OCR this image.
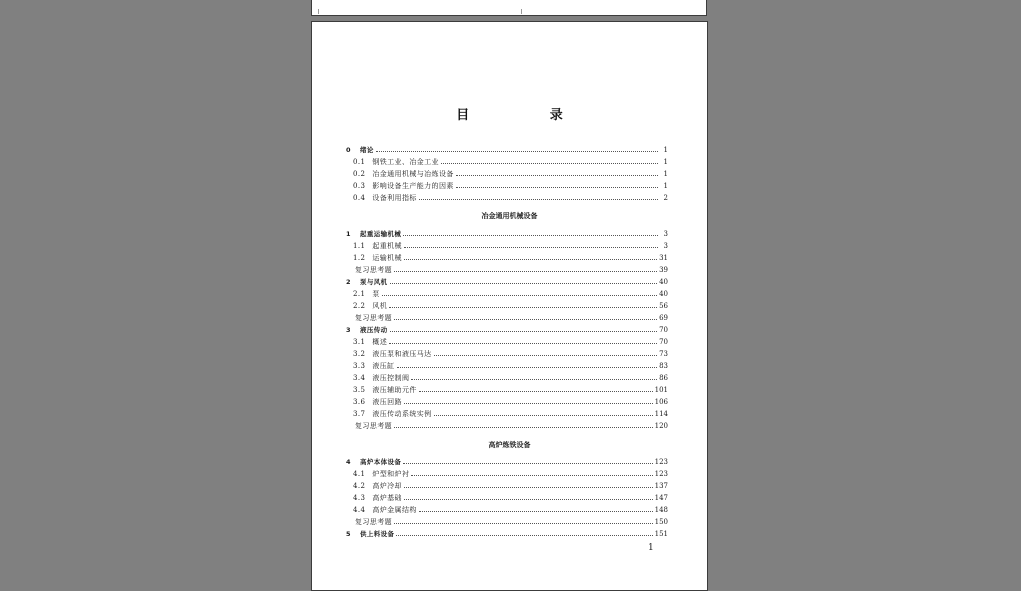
目 录
冶金通用机械设备
高炉炼铁设备
0 绪论	1
0.1 钢铁工业、冶金工业	1
0.2 冶金通用机械与冶炼设备	1
0.3 影响设备生产能力的因素	1
0.4 设备利用指标	2
1 起重运输机械	3
1.1 起重机械	3
1.2 运输机械	31
复习思考题	39
2 泵与风机	40
2.1 泵	40
2.2 风机	56
复习思考题	69
3 液压传动	70
3.1 概述	70
3.2 液压泵和液压马达	73
3.3 液压缸	83
3.4 液压控制阀	86
3.5 液压辅助元件	101
3.6 液压回路	106
3.7 液压传动系统实例	114
复习思考题	120
4 高炉本体设备	123
4.1 炉型和炉衬	123
4.2 高炉冷却	137
4.3 高炉基础	147
4.4 高炉金属结构	148
复习思考题	150
5 供上料设备	151
1
